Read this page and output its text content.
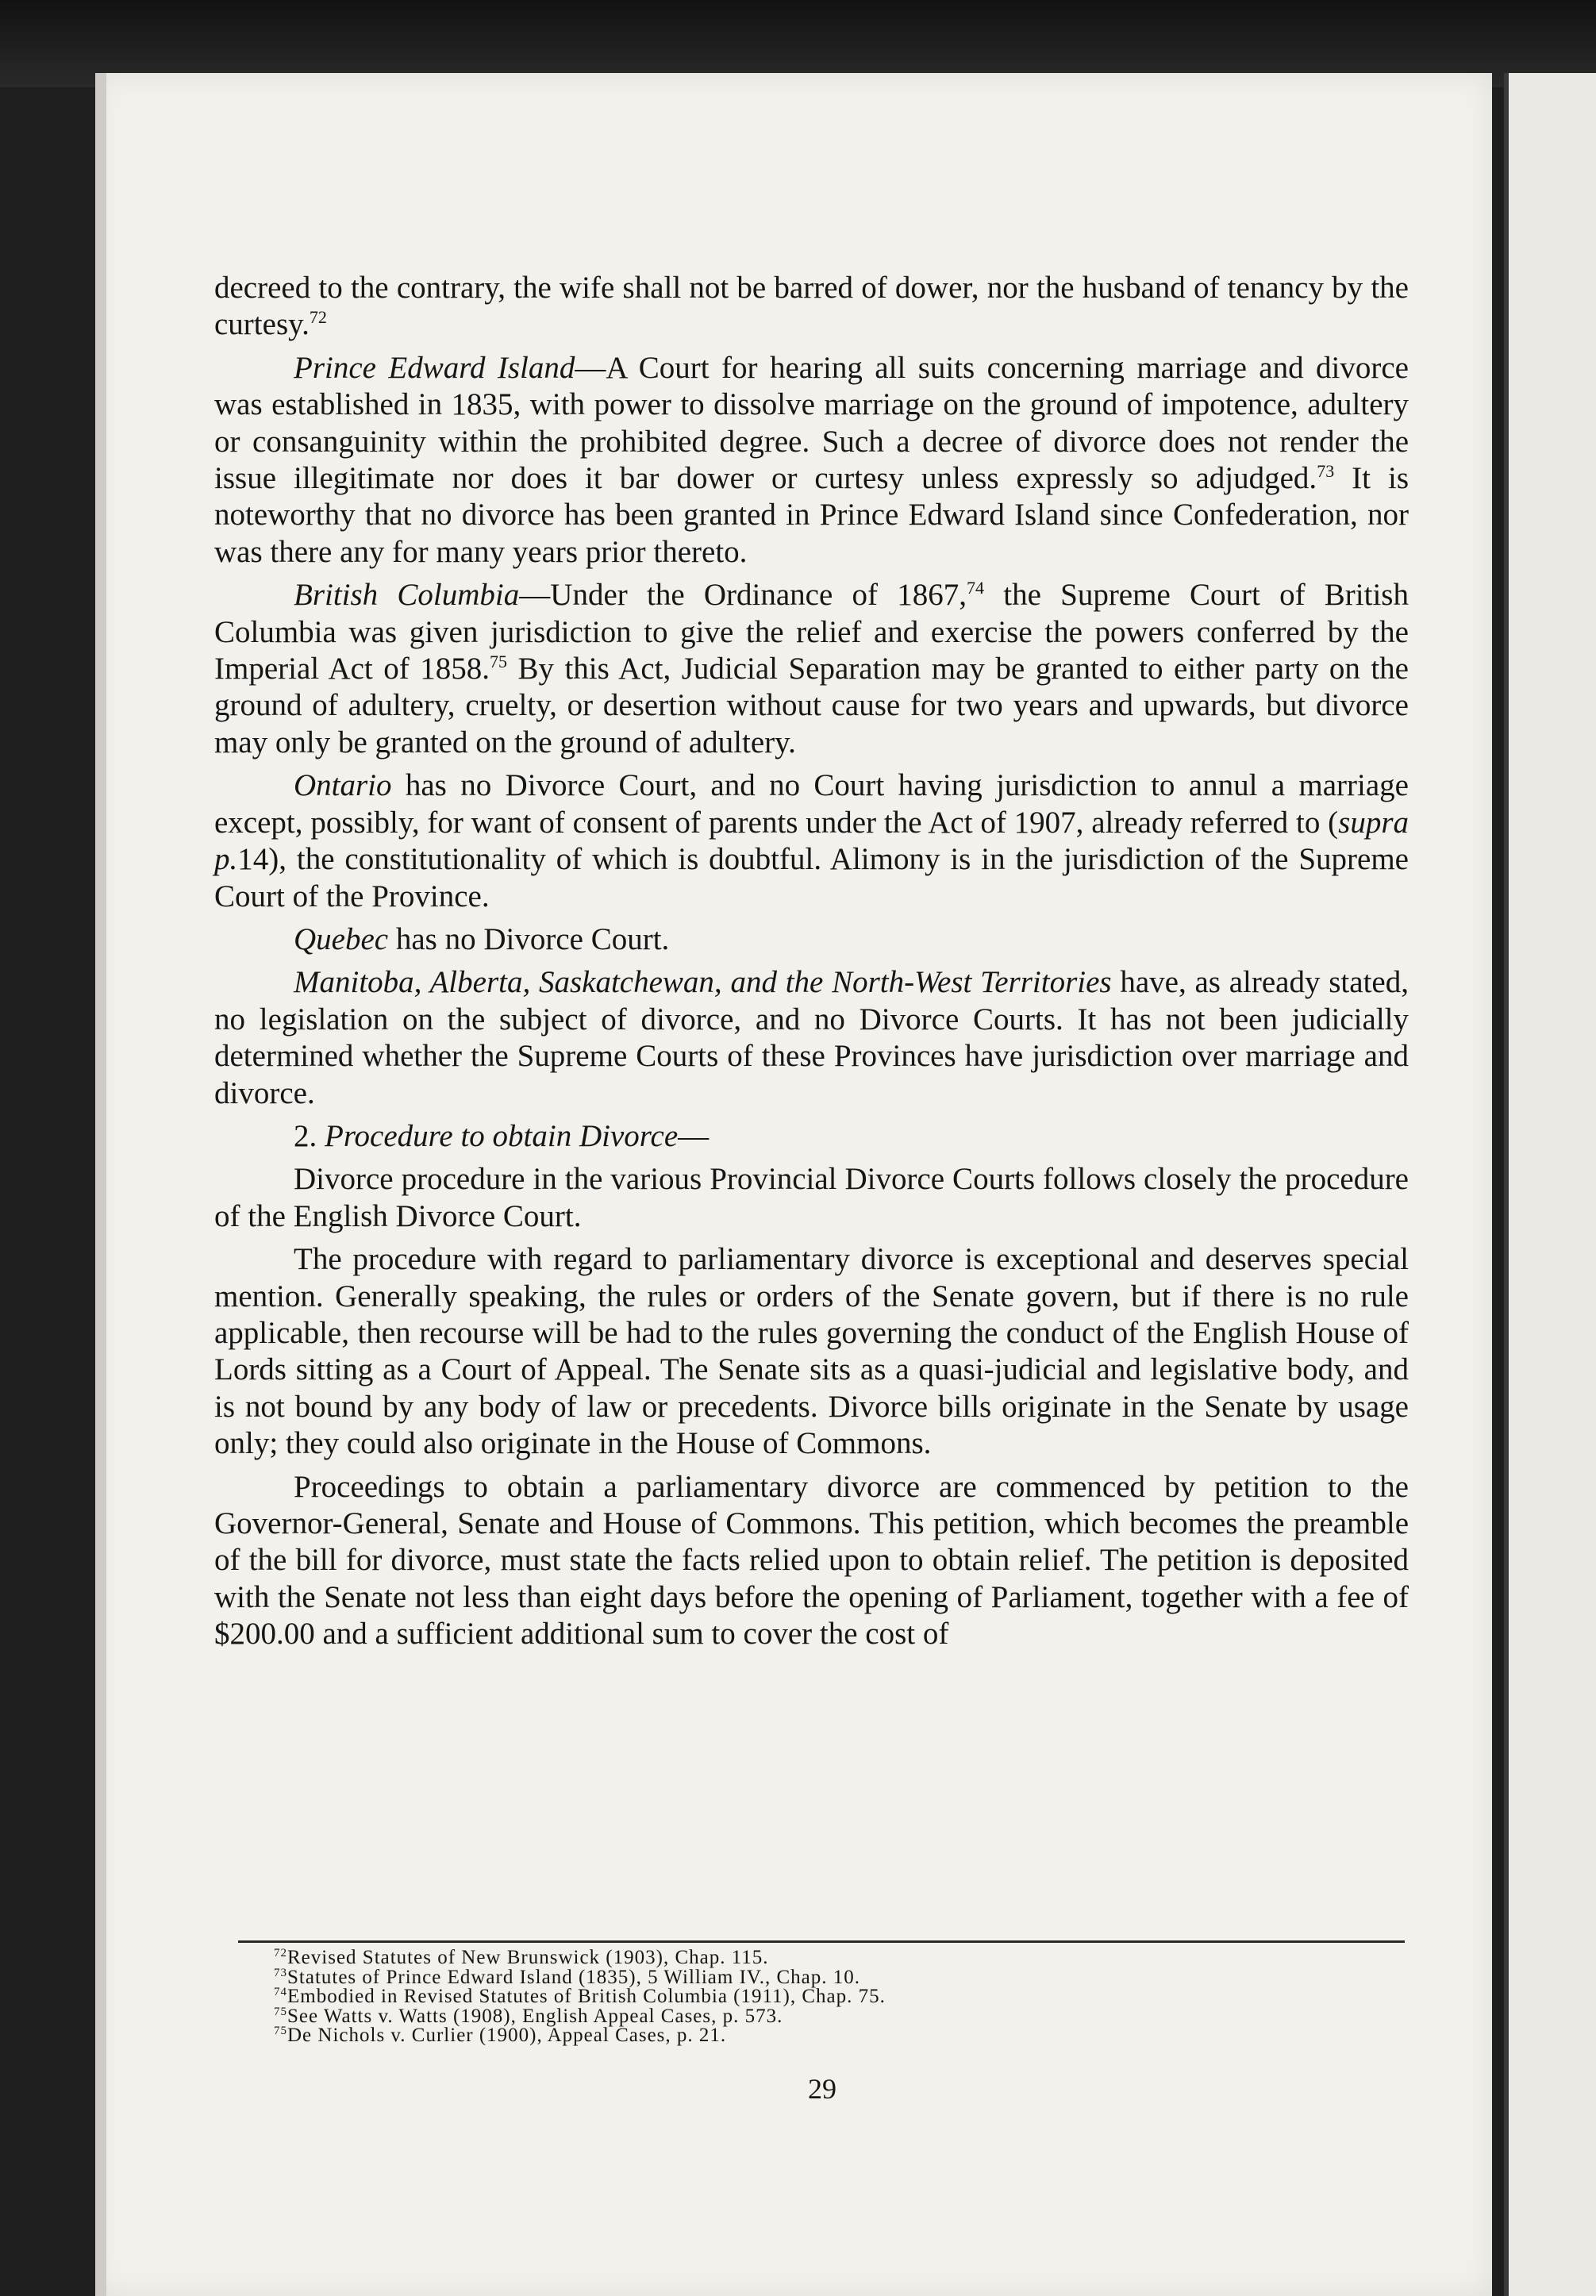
decreed to the contrary, the wife shall not be barred of dower, nor the husband of tenancy by the curtesy.$^{72}$

Prince Edward Island—A Court for hearing all suits concerning marriage and divorce was established in 1835, with power to dissolve marriage on the ground of impotence, adultery or consanguinity within the prohibited degree. Such a decree of divorce does not render the issue illegitimate nor does it bar dower or curtesy unless expressly so adjudged.$^{73}$ It is noteworthy that no divorce has been granted in Prince Edward Island since Confederation, nor was there any for many years prior thereto.

British Columbia—Under the Ordinance of 1867,74 the Supreme Court of British Columbia was given jurisdiction to give the relief and exercise the powers conferred by the Imperial Act of 1858.75 By this Act, Judicial Separation may be granted to either party on the ground of adultery, cruelty, or desertion without cause for two years and upwards, but divorce may only be granted on the ground of adultery.

Ontario has no Divorce Court, and no Court having jurisdiction to annul a marriage except, possibly, for want of consent of parents under the Act of 1907, already referred to (supra p.14), the constitutionality of which is doubtful. Alimony is in the jurisdiction of the Supreme Court of the Province.

Quebec has no Divorce Court.

Manitoba, Alberta, Saskatchewan, and the North-West Territories have, as already stated, no legislation on the subject of divorce, and no Divorce Courts. It has not been judicially determined whether the Supreme Courts of these Provinces have jurisdiction over marriage and divorce.

2. Procedure to obtain Divorce—

Divorce procedure in the various Provincial Divorce Courts follows closely the procedure of the English Divorce Court.

The procedure with regard to parliamentary divorce is exceptional and deserves special mention. Generally speaking, the rules or orders of the Senate govern, but if there is no rule applicable, then recourse will be had to the rules governing the conduct of the English House of Lords sitting as a Court of Appeal. The Senate sits as a quasi-judicial and legislative body, and is not bound by any body of law or precedents. Divorce bills originate in the Senate by usage only; they could also originate in the House of Commons.

Proceedings to obtain a parliamentary divorce are commenced by petition to the Governor-General, Senate and House of Commons. This petition, which becomes the preamble of the bill for divorce, must state the facts relied upon to obtain relief. The petition is deposited with the Senate not less than eight days before the opening of Parliament, together with a fee of $200.00 and a sufficient additional sum to cover the cost of

$^{72}$Revised Statutes of New Brunswick (1903), Chap. 115.
$^{73}$Statutes of Prince Edward Island (1835), 5 William IV., Chap. 10.
$^{74}$Embodied in Revised Statutes of British Columbia (1911), Chap. 75.
$^{75}$See Watts v. Watts (1908), English Appeal Cases, p. 573.
$^{75}$De Nichols v. Curlier (1900), Appeal Cases, p. 21.
29
